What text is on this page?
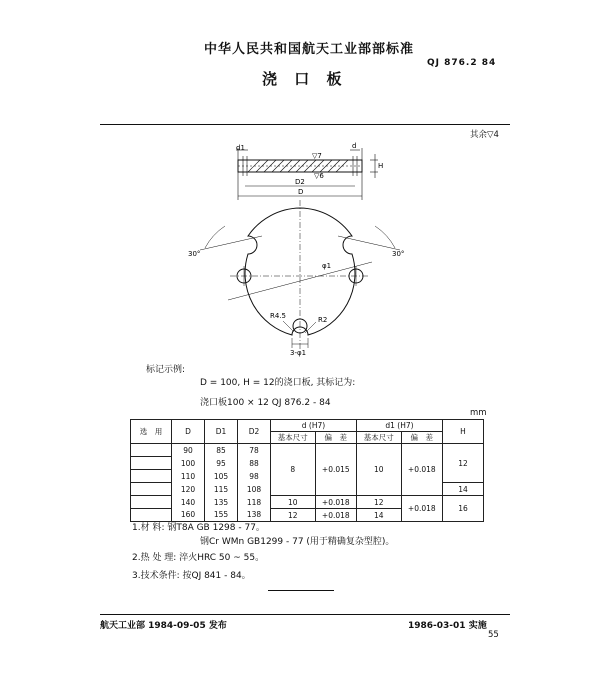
中华人民共和国航天工业部部标准
QJ 876.2 84
浇 口 板
其余▽4
d1	d
▽7
▽6
H
D2
D
30°	30°
φ1
R4.5	R2
3-φ1
标记示例:
D = 100, H = 12的浇口板, 其标记为:
浇口板100 × 12 QJ 876.2 - 84
mm
选　用	D	D1	D2	d (H7)		d1 (H7)		H
				基本尺寸	偏　差	基本尺寸	偏　差	
	90	85	78	8	+0.015	10	+0.018	12
	100	95	88					
	110	105	98					
	120	115	108					14
	140	135	118	10	+0.018	12	+0.018	16
	160	155	138	12	+0.018	14		
1.材 料: 钢T8A GB 1298 - 77。
钢Cr WMn GB1299 - 77 (用于精确复杂型腔)。
2.热 处 理: 淬火HRC 50 ~ 55。
3.技术条件: 按QJ 841 - 84。
航天工业部 1984-09-05 发布	1986-03-01 实施
55
